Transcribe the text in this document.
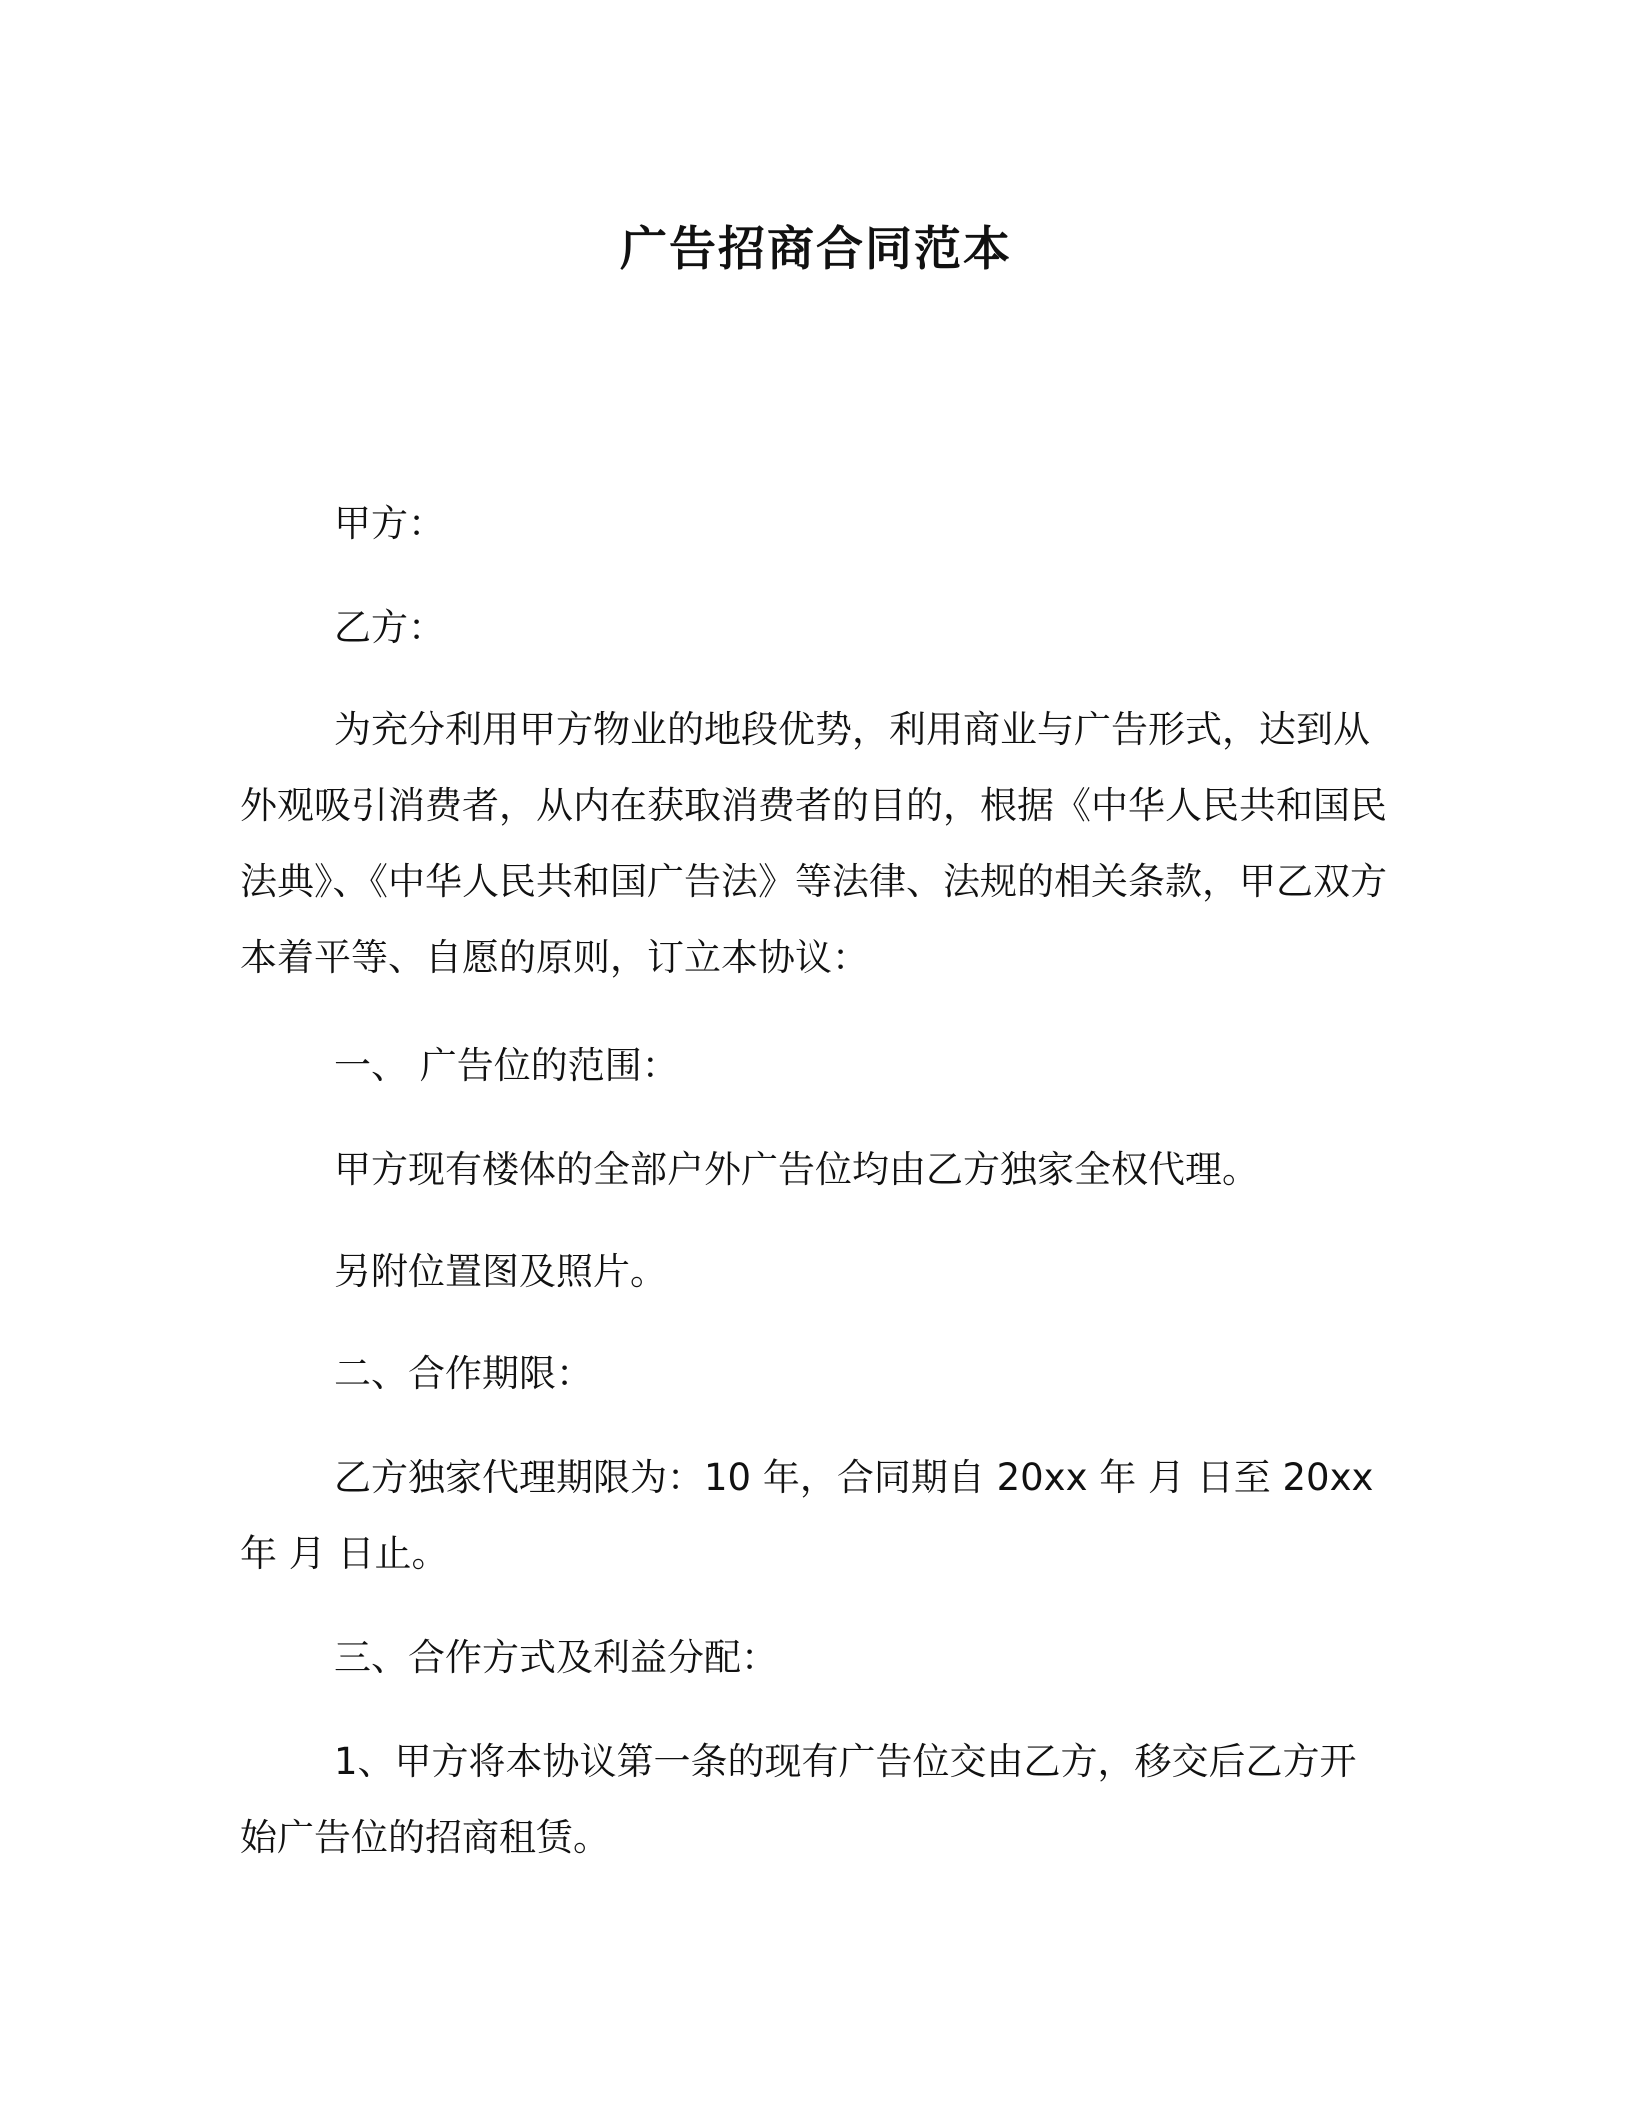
广告招商合同范本

甲方：

乙方：

为充分利用甲方物业的地段优势，利用商业与广告形式，达到从外观吸引消费者，从内在获取消费者的目的，根据《中华人民共和国民法典》、《中华人民共和国广告法》等法律、法规的相关条款，甲乙双方本着平等、自愿的原则，订立本协议：

一、 广告位的范围：

甲方现有楼体的全部户外广告位均由乙方独家全权代理。

另附位置图及照片。

二、合作期限：

乙方独家代理期限为：10 年，合同期自 20xx 年 月 日至 20xx 年 月 日止。

三、合作方式及利益分配：

1、甲方将本协议第一条的现有广告位交由乙方，移交后乙方开始广告位的招商租赁。
